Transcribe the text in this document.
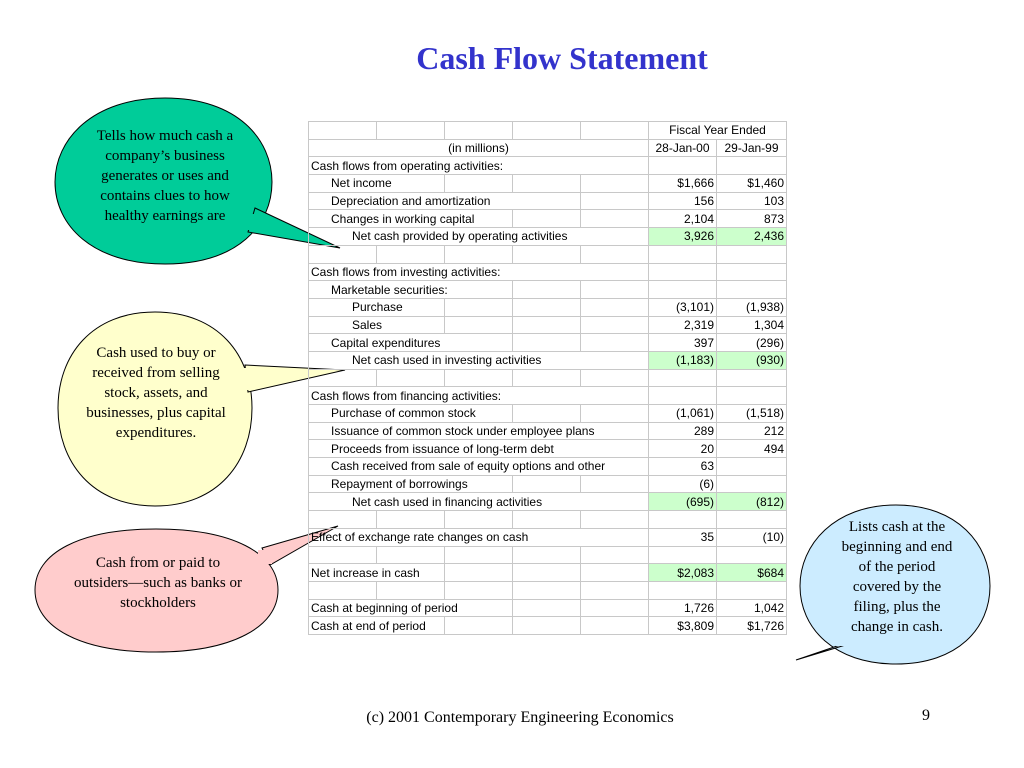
Cash Flow Statement
Tells how much cash a company’s business generates or uses and contains clues to how healthy earnings are
Cash used to buy or received from selling stock, assets, and businesses, plus capital expenditures.
Cash from or paid to outsiders—such as banks or stockholders
Lists cash at the beginning and end of the period covered by the filing, plus the change in cash.
					Fiscal Year Ended	
(in millions)					28-Jan-00	29-Jan-99
Cash flows from operating activities:						
Net income					$1,666	$1,460
Depreciation and amortization					156	103
Changes in working capital					2,104	873
Net cash provided by operating activities					3,926	2,436

Cash flows from investing activities:						
Marketable securities:						
Purchase					(3,101)	(1,938)
Sales					2,319	1,304
Capital expenditures					397	(296)
Net cash used in investing activities					(1,183)	(930)

Cash flows from financing activities:						
Purchase of common stock					(1,061)	(1,518)
Issuance of common stock under employee plans					289	212
Proceeds from issuance of long-term debt					20	494
Cash received from sale of equity options and other					63	
Repayment of borrowings					(6)	
Net cash used in financing activities					(695)	(812)

Effect of exchange rate changes on cash					35	(10)

Net increase in cash					$2,083	$684

Cash at beginning of period					1,726	1,042
Cash at end of period					$3,809	$1,726
(c) 2001 Contemporary Engineering Economics	9
